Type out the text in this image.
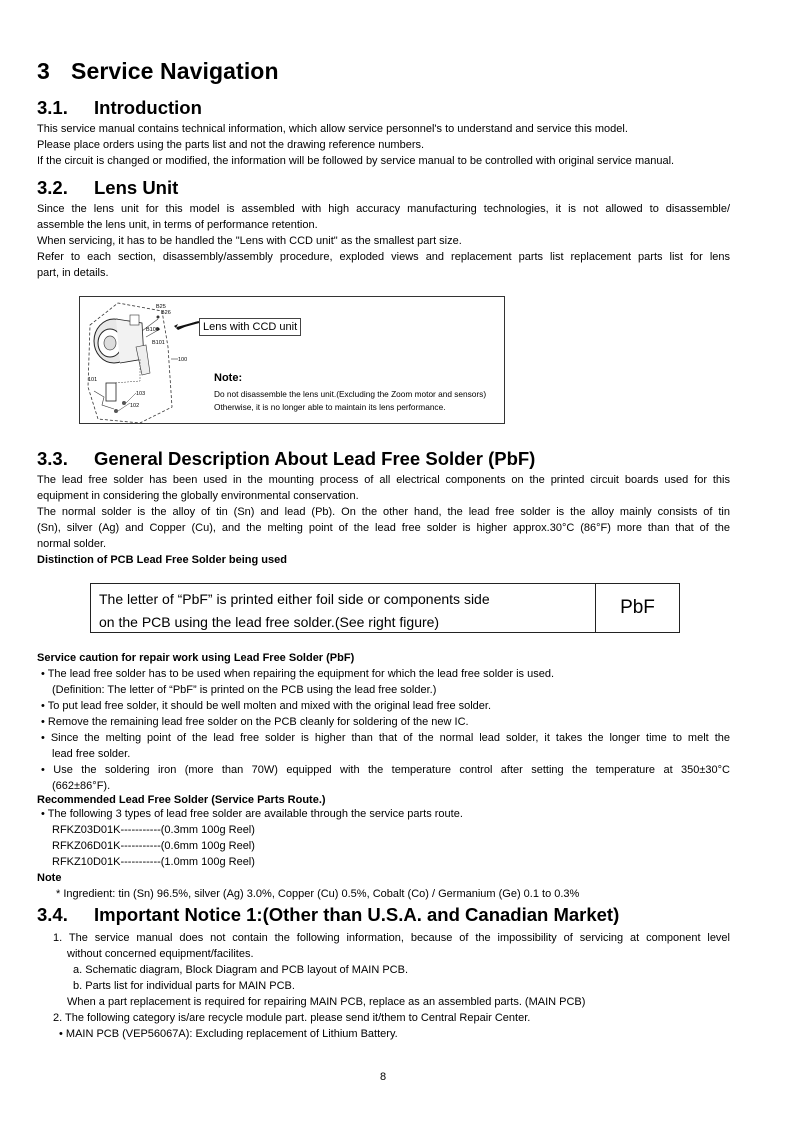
3 Service Navigation
3.1. Introduction
This service manual contains technical information, which allow service personnel's to understand and service this model.
Please place orders using the parts list and not the drawing reference numbers.
If the circuit is changed or modified, the information will be followed by service manual to be controlled with original service manual.
3.2. Lens Unit
Since the lens unit for this model is assembled with high accuracy manufacturing technologies, it is not allowed to disassemble/
assemble the lens unit, in terms of performance retention.
When servicing, it has to be handled the "Lens with CCD unit" as the smallest part size.
Refer to each section, disassembly/assembly procedure, exploded views and replacement parts list replacement parts list for lens
part, in details.
B25
B26
B100
B101
100
101
103
102
Lens with CCD unit
Note:
Do not disassemble the lens unit.(Excluding the Zoom motor and sensors)
Otherwise, it is no longer able to maintain its lens performance.
3.3. General Description About Lead Free Solder (PbF)
The lead free solder has been used in the mounting process of all electrical components on the printed circuit boards used for this
equipment in considering the globally environmental conservation.
The normal solder is the alloy of tin (Sn) and lead (Pb). On the other hand, the lead free solder is the alloy mainly consists of tin
(Sn), silver (Ag) and Copper (Cu), and the melting point of the lead free solder is higher approx.30°C (86°F) more than that of the
normal solder.
Distinction of PCB Lead Free Solder being used
The letter of “PbF” is printed either foil side or components side
on the PCB using the lead free solder.(See right figure)
PbF
Service caution for repair work using Lead Free Solder (PbF)
• The lead free solder has to be used when repairing the equipment for which the lead free solder is used.
(Definition: The letter of “PbF” is printed on the PCB using the lead free solder.)
• To put lead free solder, it should be well molten and mixed with the original lead free solder.
• Remove the remaining lead free solder on the PCB cleanly for soldering of the new IC.
• Since the melting point of the lead free solder is higher than that of the normal lead solder, it takes the longer time to melt the
lead free solder.
• Use the soldering iron (more than 70W) equipped with the temperature control after setting the temperature at 350±30°C
(662±86°F).
Recommended Lead Free Solder (Service Parts Route.)
• The following 3 types of lead free solder are available through the service parts route.
RFKZ03D01K-----------(0.3mm 100g Reel)
RFKZ06D01K-----------(0.6mm 100g Reel)
RFKZ10D01K-----------(1.0mm 100g Reel)
Note
* Ingredient: tin (Sn) 96.5%, silver (Ag) 3.0%, Copper (Cu) 0.5%, Cobalt (Co) / Germanium (Ge) 0.1 to 0.3%
3.4. Important Notice 1:(Other than U.S.A. and Canadian Market)
1. The service manual does not contain the following information, because of the impossibility of servicing at component level
without concerned equipment/facilites.
a. Schematic diagram, Block Diagram and PCB layout of MAIN PCB.
b. Parts list for individual parts for MAIN PCB.
When a part replacement is required for repairing MAIN PCB, replace as an assembled parts. (MAIN PCB)
2. The following category is/are recycle module part. please send it/them to Central Repair Center.
• MAIN PCB (VEP56067A): Excluding replacement of Lithium Battery.
8
